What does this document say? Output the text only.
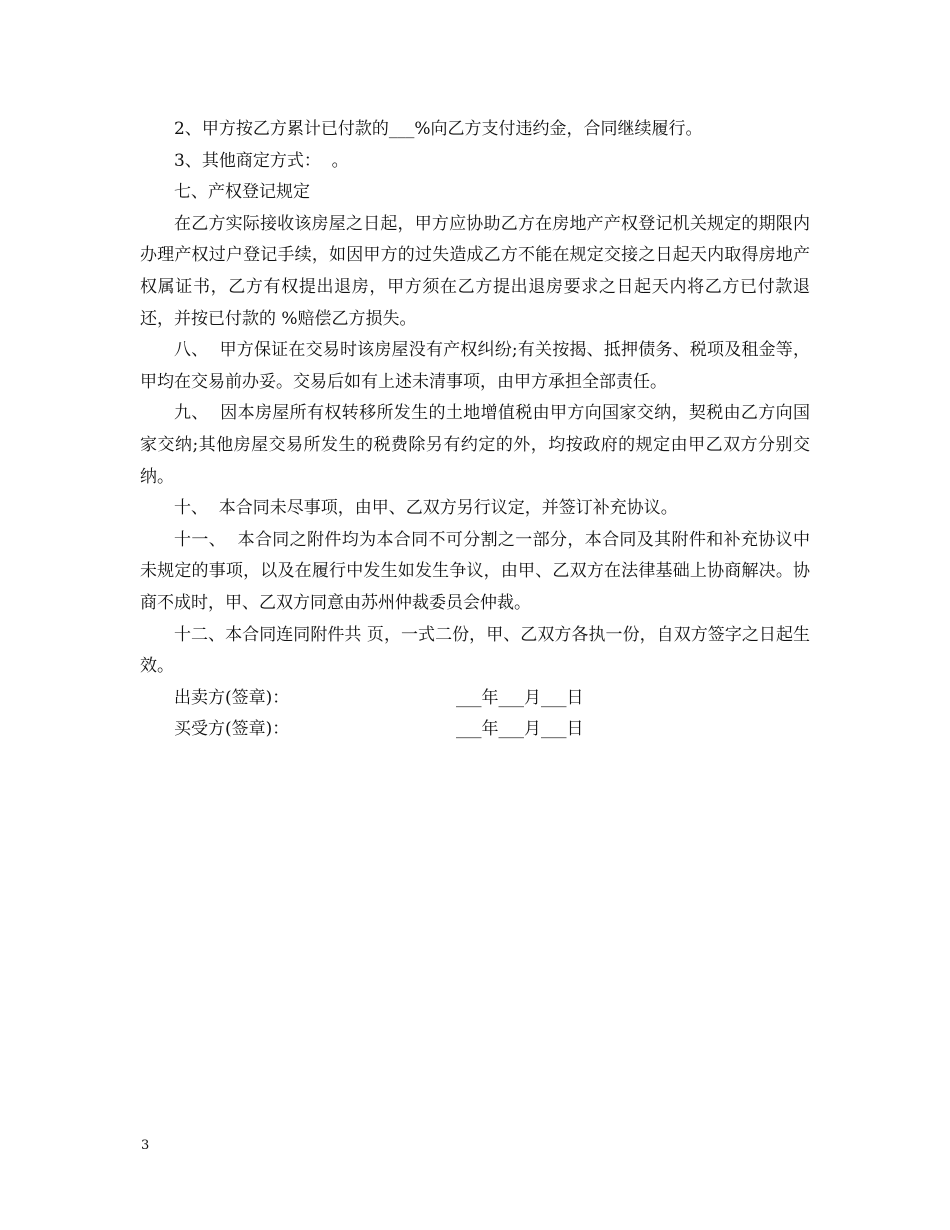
2、甲方按乙方累计已付款的___%向乙方支付违约金，合同继续履行。

3、其他商定方式：  。

七、产权登记规定

在乙方实际接收该房屋之日起，甲方应协助乙方在房地产产权登记机关规定的期限内办理产权过户登记手续，如因甲方的过失造成乙方不能在规定交接之日起天内取得房地产权属证书，乙方有权提出退房，甲方须在乙方提出退房要求之日起天内将乙方已付款退还，并按已付款的 %赔偿乙方损失。

八、  甲方保证在交易时该房屋没有产权纠纷;有关按揭、抵押债务、税项及租金等，甲均在交易前办妥。交易后如有上述未清事项，由甲方承担全部责任。

九、  因本房屋所有权转移所发生的土地增值税由甲方向国家交纳，契税由乙方向国家交纳;其他房屋交易所发生的税费除另有约定的外，均按政府的规定由甲乙双方分别交纳。

十、  本合同未尽事项，由甲、乙双方另行议定，并签订补充协议。

十一、  本合同之附件均为本合同不可分割之一部分，本合同及其附件和补充协议中未规定的事项，以及在履行中发生如发生争议，由甲、乙双方在法律基础上协商解决。协商不成时，甲、乙双方同意由苏州仲裁委员会仲裁。

十二、本合同连同附件共 页，一式二份，甲、乙双方各执一份，自双方签字之日起生效。

出卖方(签章)：	___年___月___日
买受方(签章)：	___年___月___日
3
